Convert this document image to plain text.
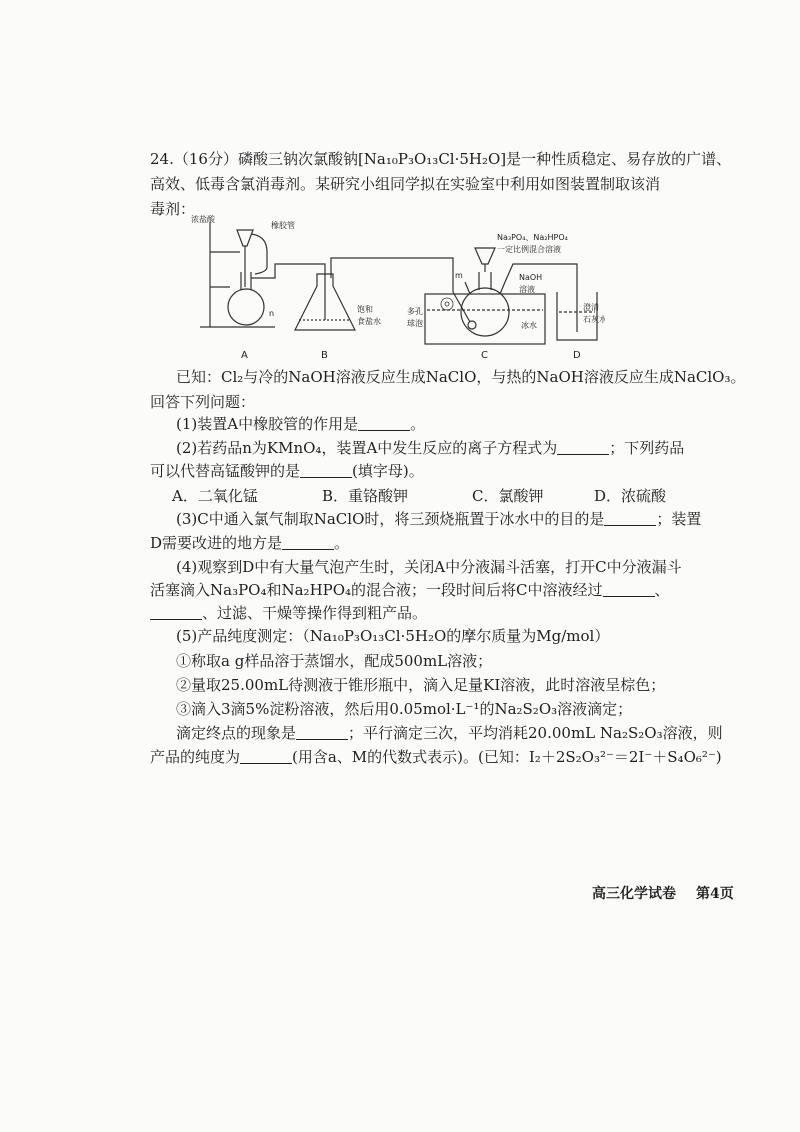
24.（16分）磷酸三钠次氯酸钠[Na₁₀P₃O₁₃Cl·5H₂O]是一种性质稳定、易存放的广谱、
高效、低毒含氯消毒剂。某研究小组同学拟在实验室中利用如图装置制取该消
毒剂：
浓盐酸
橡胶管
n
m
饱和
食盐水
Na₃PO₄、Na₂HPO₄
一定比例混合溶液
多孔
球泡
NaOH
溶液
冰水
澄清
石灰水
A	B	C	D
已知：Cl₂与冷的NaOH溶液反应生成NaClO，与热的NaOH溶液反应生成NaClO₃。
回答下列问题：
(1)装置A中橡胶管的作用是	。
(2)若药品n为KMnO₄，装置A中发生反应的离子方程式为	；下列药品
可以代替高锰酸钾的是	(填字母)。
A．二氧化锰	B．重铬酸钾	C．氯酸钾	D．浓硫酸
(3)C中通入氯气制取NaClO时，将三颈烧瓶置于冰水中的目的是	；装置
D需要改进的地方是	。
(4)观察到D中有大量气泡产生时，关闭A中分液漏斗活塞，打开C中分液漏斗
活塞滴入Na₃PO₄和Na₂HPO₄的混合液；一段时间后将C中溶液经过	、
、过滤、干燥等操作得到粗产品。
(5)产品纯度测定：（Na₁₀P₃O₁₃Cl·5H₂O的摩尔质量为Mg/mol）
①称取a g样品溶于蒸馏水，配成500mL溶液；
②量取25.00mL待测液于锥形瓶中，滴入足量KI溶液，此时溶液呈棕色；
③滴入3滴5%淀粉溶液，然后用0.05mol·L⁻¹的Na₂S₂O₃溶液滴定；
滴定终点的现象是	；平行滴定三次，平均消耗20.00mL Na₂S₂O₃溶液，则
产品的纯度为	(用含a、M的代数式表示)。(已知：I₂＋2S₂O₃²⁻＝2I⁻＋S₄O₆²⁻)
高三化学试卷 第4页
